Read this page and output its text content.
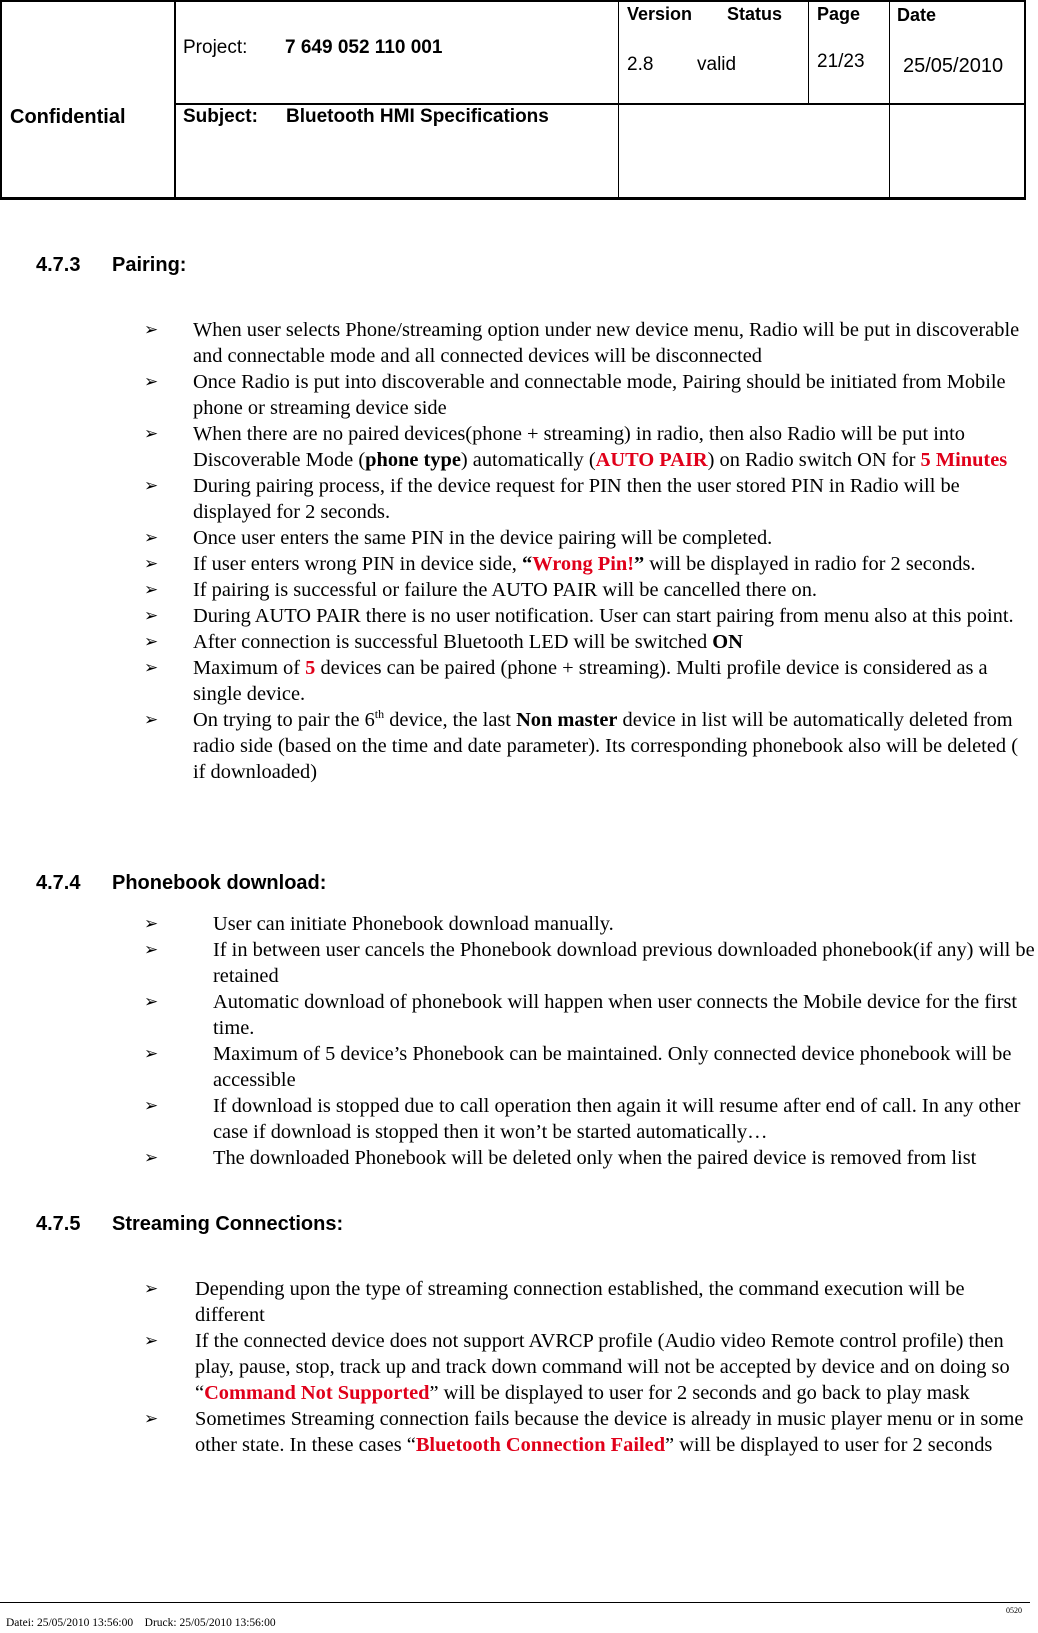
Confidential
Project: 7 649 052 110 001
Version Status
2.8 valid
Page
21/23
Date
25/05/2010
Subject: Bluetooth HMI Specifications
4.7.3 Pairing:
➢ When user selects Phone/streaming option under new device menu, Radio will be put in discoverable and connectable mode and all connected devices will be disconnected
➢ Once Radio is put into discoverable and connectable mode, Pairing should be initiated from Mobile phone or streaming device side
➢ When there are no paired devices(phone + streaming) in radio, then also Radio will be put into Discoverable Mode (phone type) automatically (AUTO PAIR) on Radio switch ON for 5 Minutes
➢ During pairing process, if the device request for PIN then the user stored PIN in Radio will be displayed for 2 seconds.
➢ Once user enters the same PIN in the device pairing will be completed.
➢ If user enters wrong PIN in device side, “Wrong Pin!” will be displayed in radio for 2 seconds.
➢ If pairing is successful or failure the AUTO PAIR will be cancelled there on.
➢ During AUTO PAIR there is no user notification. User can start pairing from menu also at this point.
➢ After connection is successful Bluetooth LED will be switched ON
➢ Maximum of 5 devices can be paired (phone + streaming). Multi profile device is considered as a single device.
➢ On trying to pair the 6th device, the last Non master device in list will be automatically deleted from radio side (based on the time and date parameter). Its corresponding phonebook also will be deleted ( if downloaded)
4.7.4 Phonebook download:
➢	User can initiate Phonebook download manually.
➢	If in between user cancels the Phonebook download previous downloaded phonebook(if any) will be retained
➢	Automatic download of phonebook will happen when user connects the Mobile device for the first time.
➢	Maximum of 5 device’s Phonebook can be maintained. Only connected device phonebook will be accessible
➢	If download is stopped due to call operation then again it will resume after end of call. In any other case if download is stopped then it won’t be started automatically…
➢	The downloaded Phonebook will be deleted only when the paired device is removed from list
4.7.5 Streaming Connections:
➢ Depending upon the type of streaming connection established, the command execution will be different
➢ If the connected device does not support AVRCP profile (Audio video Remote control profile) then play, pause, stop, track up and track down command will not be accepted by device and on doing so “Command Not Supported” will be displayed to user for 2 seconds and go back to play mask
➢ Sometimes Streaming connection fails because the device is already in music player menu or in some other state. In these cases “Bluetooth Connection Failed” will be displayed to user for 2 seconds
0520
Datei: 25/05/2010 13:56:00 Druck: 25/05/2010 13:56:00
